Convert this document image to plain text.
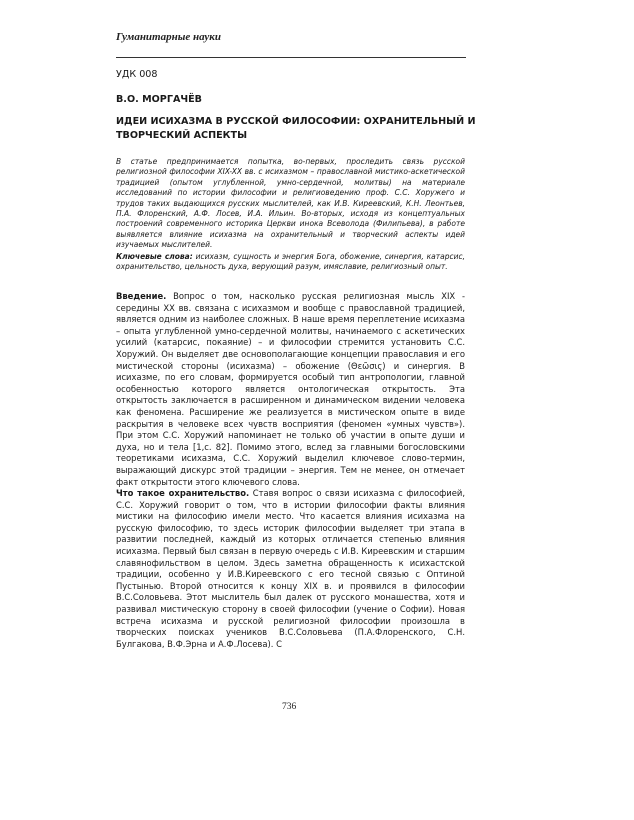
Гуманитарные науки
УДК 008
В.О. МОРГАЧЁВ
ИДЕИ ИСИХАЗМА В РУССКОЙ ФИЛОСОФИИ: ОХРАНИТЕЛЬНЫЙ И ТВОРЧЕСКИЙ АСПЕКТЫ

В статье предпринимается попытка, во-первых, проследить связь русской религиозной философии XIX-XX вв. с исихазмом – православной мистико-аскетической традицией (опытом углубленной, умно-сердечной, молитвы) на материале исследований по истории философии и религиоведению проф. С.С. Хоружего и трудов таких выдающихся русских мыслителей, как И.В. Киреевский, К.Н. Леонтьев, П.А. Флоренский, А.Ф. Лосев, И.А. Ильин. Во-вторых, исходя из концептуальных построений современного историка Церкви инока Всеволода (Филипьева), в работе выявляется влияние исихазма на охранительный и творческий аспекты идей изучаемых мыслителей.

Ключевые слова: исихазм, сущность и энергия Бога, обожение, синергия, катарсис, охранительство, цельность духа, верующий разум, имяславие, религиозный опыт.

Введение. Вопрос о том, насколько русская религиозная мысль XIX - середины XX вв. связана с исихазмом и вообще с православной традицией, является одним из наиболее сложных. В наше время переплетение исихазма – опыта углубленной умно-сердечной молитвы, начинаемого с аскетических усилий (катарсис, покаяние) – и философии стремится установить С.С. Хоружий. Он выделяет две основополагающие концепции православия и его мистической стороны (исихазма) – обожение (Θεῶσις) и синергия. В исихазме, по его словам, формируется особый тип антропологии, главной особенностью которого является онтологическая открытость. Эта открытость заключается в расширенном и динамическом видении человека как феномена. Расширение же реализуется в мистическом опыте в виде раскрытия в человеке всех чувств восприятия (феномен «умных чувств»). При этом С.С. Хоружий напоминает не только об участии в опыте души и духа, но и тела [1,с. 82]. Помимо этого, вслед за главными богословскими теоретиками исихазма, С.С. Хоружий выделил ключевое слово-термин, выражающий дискурс этой традиции – энергия. Тем не менее, он отмечает факт открытости этого ключевого слова.

Что такое охранительство. Ставя вопрос о связи исихазма с философией, С.С. Хоружий говорит о том, что в истории философии факты влияния мистики на философию имели место. Что касается влияния исихазма на русскую философию, то здесь историк философии выделяет три этапа в развитии последней, каждый из которых отличается степенью влияния исихазма. Первый был связан в первую очередь с И.В. Киреевским и старшим славянофильством в целом. Здесь заметна обращенность к исихастской традиции, особенно у И.В.Киреевского с его тесной связью с Оптиной Пустынью. Второй относится к концу XIX в. и проявился в философии В.С.Соловьева. Этот мыслитель был далек от русского монашества, хотя и развивал мистическую сторону в своей философии (учение о Софии). Новая встреча исихазма и русской религиозной философии произошла в творческих поисках учеников В.С.Соловьева (П.А.Флоренского, С.Н. Булгакова, В.Ф.Эрна и А.Ф.Лосева). С

736
